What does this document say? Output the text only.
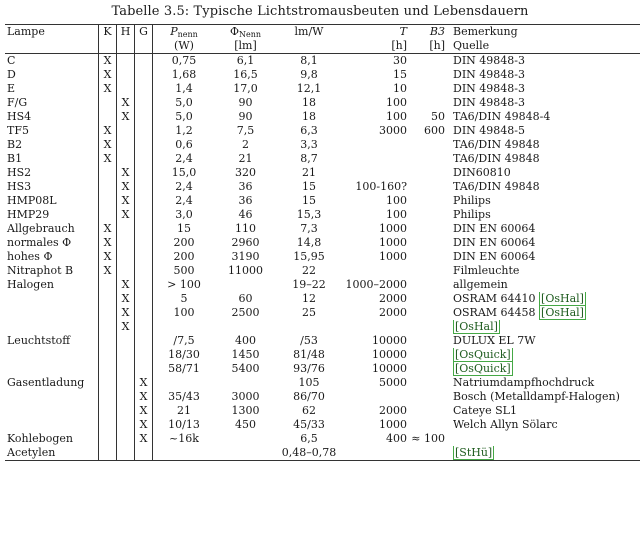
Tabelle 3.5: Typische Lichtstromausbeuten und Lebensdauern
Lampe	K	H	G	$P_{nenn}$	$\Phi_{Nenn}$	lm/W	T	B3	Bemerkung
				(W)	[lm]		[h]	[h]	Quelle
C	X			0,75	6,1	8,1	30		DIN 49848-3
D	X			1,68	16,5	9,8	15		DIN 49848-3
E	X			1,4	17,0	12,1	10		DIN 49848-3
F/G		X		5,0	90	18	100		DIN 49848-3
HS4		X		5,0	90	18	100	50	TA6/DIN 49848-4
TF5	X			1,2	7,5	6,3	3000	600	DIN 49848-5
B2	X			0,6	2	3,3			TA6/DIN 49848
B1	X			2,4	21	8,7			TA6/DIN 49848
HS2		X		15,0	320	21			DIN60810
HS3		X		2,4	36	15	100-160?		TA6/DIN 49848
HMP08L		X		2,4	36	15	100		Philips
HMP29		X		3,0	46	15,3	100		Philips
Allgebrauch	X			15	110	7,3	1000		DIN EN 60064
normales Φ	X			200	2960	14,8	1000		DIN EN 60064
hohes Φ	X			200	3190	15,95	1000		DIN EN 60064
Nitraphot B	X			500	11000	22			Filmleuchte
Halogen		X		> 100		19–22	1000–2000		allgemein
		X		5	60	12	2000		OSRAM 64410 [OsHal]
		X		100	2500	25	2000		OSRAM 64458 [OsHal]
		X							[OsHal]
Leuchtstoff				/7,5	400	/53	10000		DULUX EL 7W
				18/30	1450	81/48	10000		[OsQuick]
				58/71	5400	93/76	10000		[OsQuick]
Gasentladung			X			105	5000		Natriumdampfhochdruck
			X	35/43	3000	86/70			Bosch (Metalldampf-Halogen)
			X	21	1300	62	2000		Cateye SL1
			X	10/13	450	45/33	1000		Welch Allyn Sölarc
Kohlebogen			X	~16k		6,5	400	≈ 100	
Acetylen						0,48–0,78			[StHü]
